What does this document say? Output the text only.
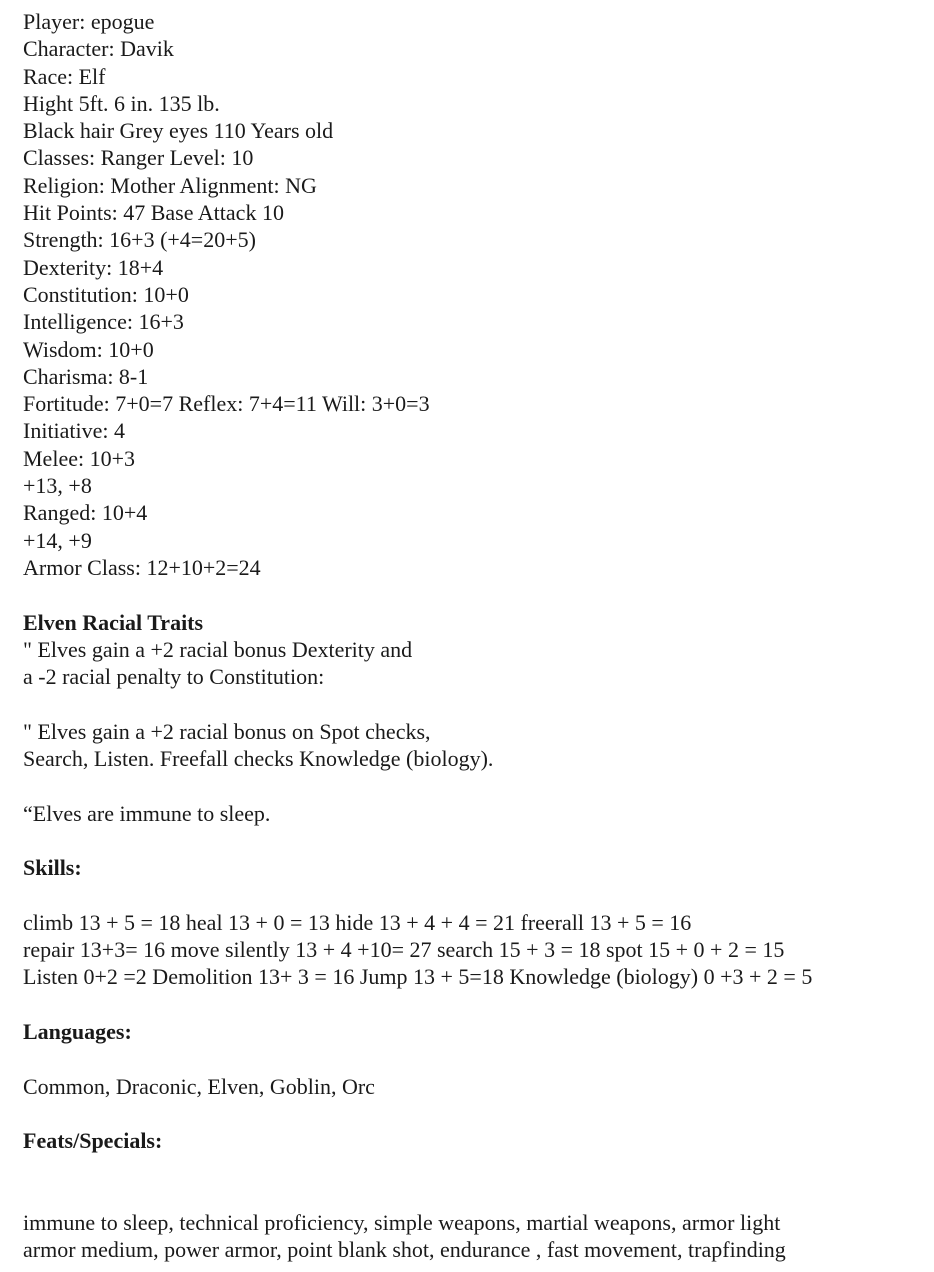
Player: epogue
Character: Davik
Race: Elf
Hight 5ft. 6 in. 135 lb.
Black hair Grey eyes 110 Years old
Classes: Ranger Level: 10
Religion: Mother Alignment: NG
Hit Points: 47 Base Attack 10
Strength: 16+3 (+4=20+5)
Dexterity: 18+4
Constitution: 10+0
Intelligence: 16+3
Wisdom: 10+0
Charisma: 8-1
Fortitude: 7+0=7 Reflex: 7+4=11 Will: 3+0=3
Initiative: 4
Melee: 10+3
+13, +8
Ranged: 10+4
+14, +9
Armor Class: 12+10+2=24
Elven Racial Traits
" Elves gain a +2 racial bonus Dexterity and
a -2 racial penalty to Constitution:
" Elves gain a +2 racial bonus on Spot checks,
Search, Listen. Freefall checks Knowledge (biology).
“Elves are immune to sleep.
Skills:
climb 13 + 5 = 18 heal 13 + 0 = 13 hide 13 + 4 + 4 = 21 freerall 13 + 5 = 16
repair 13+3= 16 move silently 13 + 4 +10= 27 search 15 + 3 = 18 spot 15 + 0 + 2 = 15
Listen 0+2 =2 Demolition 13+ 3 = 16 Jump 13 + 5=18 Knowledge (biology) 0 +3 + 2 = 5
Languages:
Common, Draconic, Elven, Goblin, Orc
Feats/Specials:
immune to sleep, technical proficiency, simple weapons, martial weapons, armor light
armor medium, power armor, point blank shot, endurance , fast movement, trapfinding
